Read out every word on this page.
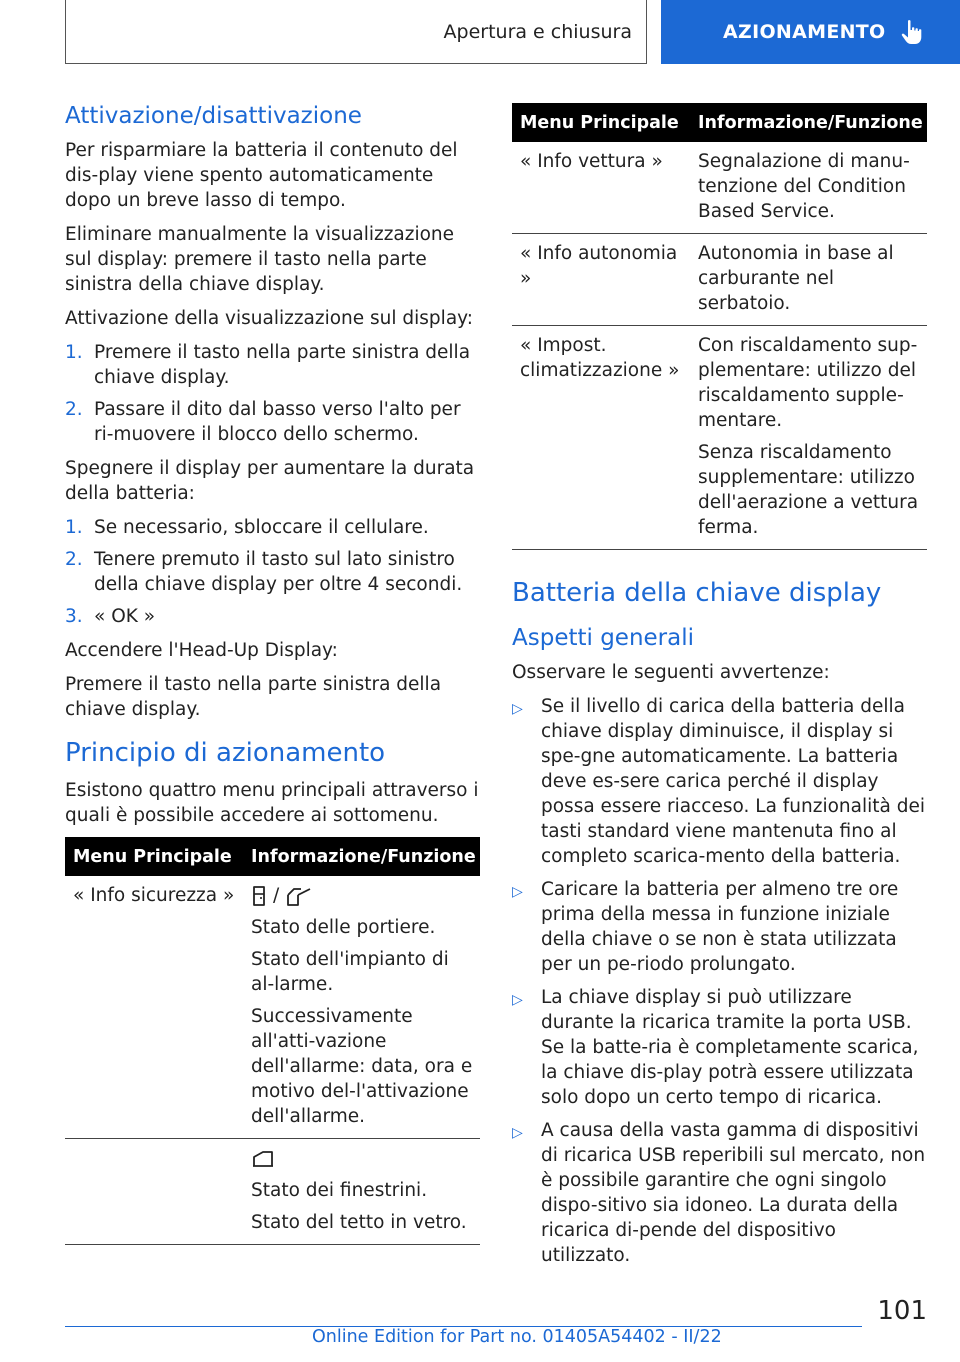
Apertura e chiusura	AZIONAMENTO
Attivazione/disattivazione

Per risparmiare la batteria il contenuto del dis-play viene spento automaticamente dopo un breve lasso di tempo.

Eliminare manualmente la visualizzazione sul display: premere il tasto nella parte sinistra della chiave display.

Attivazione della visualizzazione sul display:

1. Premere il tasto nella parte sinistra della chiave display.
2. Passare il dito dal basso verso l'alto per ri-muovere il blocco dello schermo.

Spegnere il display per aumentare la durata della batteria:

1. Se necessario, sbloccare il cellulare.
2. Tenere premuto il tasto sul lato sinistro della chiave display per oltre 4 secondi.
3. « OK »

Accendere l'Head-Up Display:

Premere il tasto nella parte sinistra della chiave display.

Principio di azionamento

Esistono quattro menu principali attraverso i quali è possibile accedere ai sottomenu.

Menu Principale	Informazione/Funzione
« Info sicurezza »	/

Stato delle portiere.

Stato dell'impianto di al-larme.

Successivamente all'atti-vazione dell'allarme: data, ora e motivo del-l'attivazione dell'allarme.

	Stato dei finestrini.

Stato del tetto in vetro.

Menu Principale	Informazione/Funzione
« Info vettura »	Segnalazione di manu-tenzione del Condition Based Service.

« Info autonomia »	Autonomia in base al carburante nel serbatoio.

« Impost. climatizzazione »	Con riscaldamento sup-plementare: utilizzo del riscaldamento supple-mentare.

Senza riscaldamento supplementare: utilizzo dell'aerazione a vettura ferma.

Batteria della chiave display
Aspetti generali

Osservare le seguenti avvertenze:

▷ Se il livello di carica della batteria della chiave display diminuisce, il display si spe-gne automaticamente. La batteria deve es-sere carica perché il display possa essere riacceso. La funzionalità dei tasti standard viene mantenuta fino al completo scarica-mento della batteria.
▷ Caricare la batteria per almeno tre ore prima della messa in funzione iniziale della chiave o se non è stata utilizzata per un pe-riodo prolungato.
▷ La chiave display si può utilizzare durante la ricarica tramite la porta USB. Se la batte-ria è completamente scarica, la chiave dis-play potrà essere utilizzata solo dopo un certo tempo di ricarica.
▷ A causa della vasta gamma di dispositivi di ricarica USB reperibili sul mercato, non è possibile garantire che ogni singolo dispo-sitivo sia idoneo. La durata della ricarica di-pende del dispositivo utilizzato.
101
Online Edition for Part no. 01405A54402 - II/22
